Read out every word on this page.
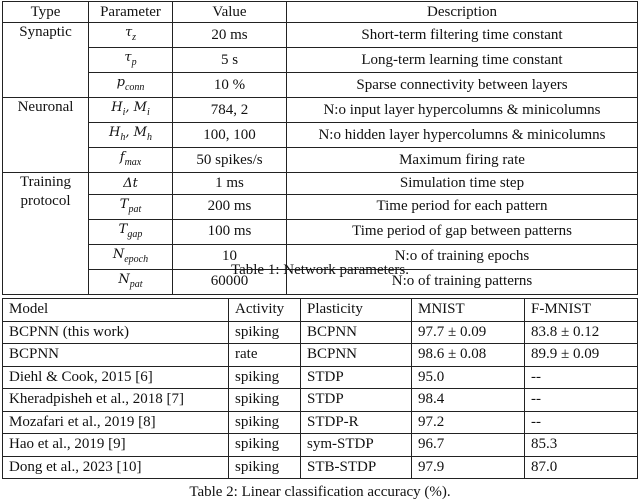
Type	Parameter	Value	Description
Synaptic	$\tau_z$	20 ms	Short-term filtering time constant
	$\tau_p$	5 s	Long-term learning time constant
	$p_{conn}$	10 %	Sparse connectivity between layers
Neuronal	$H_i$, $M_i$	784, 2	N:o input layer hypercolumns & minicolumns
	$H_h$, $M_h$	100, 100	N:o hidden layer hypercolumns & minicolumns
	$f_{max}$	50 spikes/s	Maximum firing rate
Training protocol	Δt	1 ms	Simulation time step
	$T_{pat}$	200 ms	Time period for each pattern
	$T_{gap}$	100 ms	Time period of gap between patterns
	$N_{epoch}$	10	N:o of training epochs
	$N_{pat}$	60000	N:o of training patterns
Table 1: Network parameters.
Model	Activity	Plasticity	MNIST	F-MNIST
BCPNN (this work)	spiking	BCPNN	97.7 ± 0.09	83.8 ± 0.12
BCPNN	rate	BCPNN	98.6 ± 0.08	89.9 ± 0.09
Diehl & Cook, 2015 [6]	spiking	STDP	95.0	--
Kheradpisheh et al., 2018 [7]	spiking	STDP	98.4	--
Mozafari et al., 2019 [8]	spiking	STDP-R	97.2	--
Hao et al., 2019 [9]	spiking	sym-STDP	96.7	85.3
Dong et al., 2023 [10]	spiking	STB-STDP	97.9	87.0
Table 2: Linear classification accuracy (%).
